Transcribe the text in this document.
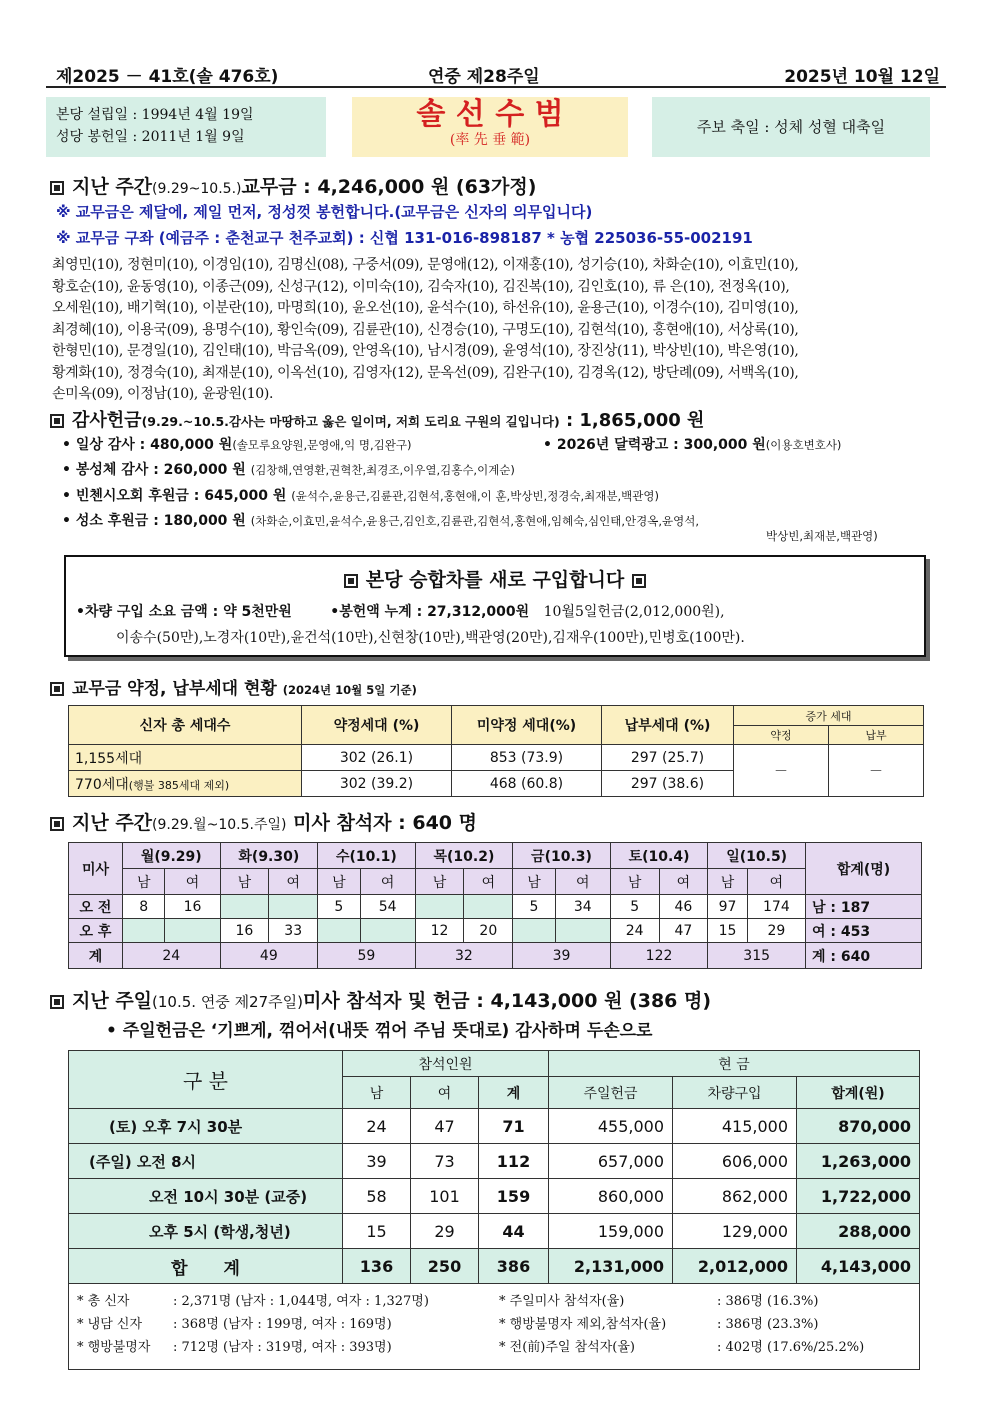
제2025 － 41호(솔 476호)	연중 제28주일	2025년 10월 12일
본당 설립일 : 1994년 4월 19일
성당 봉헌일 : 2011년 1월 9일
솔 선 수 범
(率 先 垂 範)
주보 축일 : 성체 성혈 대축일
지난 주간(9.29~10.5.)교무금 : 4,246,000 원 (63가정)
※ 교무금은 제달에, 제일 먼저, 정성껏 봉헌합니다.(교무금은 신자의 의무입니다)
※ 교무금 구좌 (예금주 : 춘천교구 천주교회) : 신협 131-016-898187 * 농협 225036-55-002191
최영민(10), 정현미(10), 이경임(10), 김명신(08), 구중서(09), 문영애(12), 이재홍(10), 성기승(10), 차화순(10), 이효민(10),
황호순(10), 윤동영(10), 이종근(09), 신성구(12), 이미숙(10), 김숙자(10), 김진복(10), 김인호(10), 류 은(10), 전정옥(10),
오세원(10), 배기혁(10), 이분란(10), 마명희(10), 윤오선(10), 윤석수(10), 하선유(10), 윤용근(10), 이경수(10), 김미영(10),
최경혜(10), 이용국(09), 용명수(10), 황인숙(09), 김륜관(10), 신경승(10), 구명도(10), 김현석(10), 홍현애(10), 서상록(10),
한형민(10), 문경일(10), 김인태(10), 박금옥(09), 안영옥(10), 남시경(09), 윤영석(10), 장진상(11), 박상빈(10), 박은영(10),
황계화(10), 정경숙(10), 최재분(10), 이옥선(10), 김영자(12), 문옥선(09), 김완구(10), 김경옥(12), 방단례(09), 서백옥(10),
손미옥(09), 이정남(10), 윤광원(10).
감사헌금(9.29.~10.5.감사는 마땅하고 옳은 일이며, 저희 도리요 구원의 길입니다) : 1,865,000 원
• 일상 감사 : 480,000 원(솔모루요양원,문영애,익 명,김완구)	• 2026년 달력광고 : 300,000 원(이용호변호사)
• 봉성체 감사 : 260,000 원 (김창해,연영환,권혁찬,최경조,이우열,김홍수,이계순)
• 빈첸시오회 후원금 : 645,000 원 (윤석수,윤용근,김륜관,김현석,홍현애,이 훈,박상빈,정경숙,최재분,백관영)
• 성소 후원금 : 180,000 원 (차화순,이효민,윤석수,윤용근,김인호,김륜관,김현석,홍현애,임혜숙,심인태,안경옥,윤영석,
박상빈,최재분,백관영)
본당 승합차를 새로 구입합니다
•차량 구입 소요 금액 : 약 5천만원	•봉헌액 누계 : 27,312,000원 10월5일헌금(2,012,000원),
이송수(50만),노경자(10만),윤건석(10만),신현창(10만),백관영(20만),김재우(100만),민병호(100만).
교무금 약정, 납부세대 현황 (2024년 10월 5일 기준)
신자 총 세대수	약정세대 (%)	미약정 세대(%)	납부세대 (%)	증가 세대	
				약정	납부
1,155세대	302 (26.1)	853 (73.9)	297 (25.7)	－	－
770세대(행불 385세대 제외)	302 (39.2)	468 (60.8)	297 (38.6)		
지난 주간(9.29.월~10.5.주일) 미사 참석자 : 640 명
미사	월(9.29)		화(9.30)		수(10.1)		목(10.2)		금(10.3)		토(10.4)		일(10.5)		합계(명)
	남	여	남	여	남	여	남	여	남	여	남	여	남	여	
오 전	8	16			5	54			5	34	5	46	97	174	남 : 187
오 후			16	33			12	20			24	47	15	29	여 : 453
계	24		49		59		32		39		122		315		계 : 640
지난 주일(10.5. 연중 제27주일)미사 참석자 및 헌금 : 4,143,000 원 (386 명)
• 주일헌금은 ‘기쁘게, 꺾어서(내뜻 꺾어 주님 뜻대로) 감사하며 두손으로
구 분	참석인원			현 금		
	남	여	계	주일헌금	차량구입	합계(원)
(토) 오후 7시 30분	24	47	71	455,000	415,000	870,000
(주일) 오전 8시	39	73	112	657,000	606,000	1,263,000
오전 10시 30분 (교중)	58	101	159	860,000	862,000	1,722,000
오후 5시 (학생,청년)	15	29	44	159,000	129,000	288,000
합 계	136	250	386	2,131,000	2,012,000	4,143,000
* 총 신자	: 2,371명 (남자 : 1,044명, 여자 : 1,327명)	* 주일미사 참석자(율)	: 386명 (16.3%)
* 냉담 신자 : 368명 (남자 : 199명, 여자 : 169명)	* 행방불명자 제외,참석자(율)	: 386명 (23.3%)
* 행방불명자 : 712명 (남자 : 319명, 여자 : 393명)	* 전(前)주일 참석자(율)	: 402명 (17.6%/25.2%)
